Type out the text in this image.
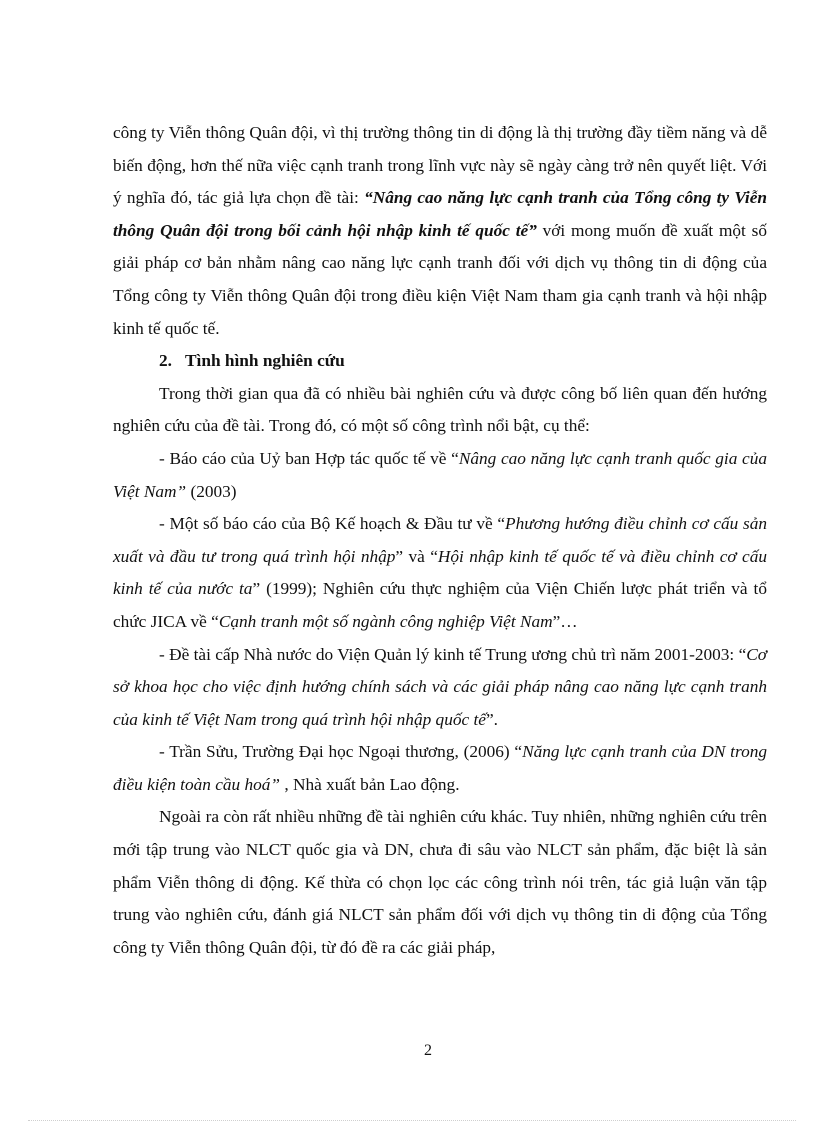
công ty Viễn thông Quân đội, vì thị trường thông tin di động là thị trường đầy tiềm năng và dễ biến động, hơn thế nữa việc cạnh tranh trong lĩnh vực này sẽ ngày càng trở nên quyết liệt. Với ý nghĩa đó, tác giả lựa chọn đề tài: “Nâng cao năng lực cạnh tranh của Tổng công ty Viễn thông Quân đội trong bối cảnh hội nhập kinh tế quốc tế” với mong muốn đề xuất một số giải pháp cơ bản nhằm nâng cao năng lực cạnh tranh đối với dịch vụ thông tin di động của Tổng công ty Viễn thông Quân đội trong điều kiện Việt Nam tham gia cạnh tranh và hội nhập kinh tế quốc tế.

2. Tình hình nghiên cứu

Trong thời gian qua đã có nhiều bài nghiên cứu và được công bố liên quan đến hướng nghiên cứu của đề tài. Trong đó, có một số công trình nổi bật, cụ thể:

- Báo cáo của Uỷ ban Hợp tác quốc tế về “Nâng cao năng lực cạnh tranh quốc gia của Việt Nam” (2003)

- Một số báo cáo của Bộ Kế hoạch & Đầu tư về “Phương hướng điều chỉnh cơ cấu sản xuất và đầu tư trong quá trình hội nhập” và “Hội nhập kinh tế quốc tế và điều chỉnh cơ cấu kinh tế của nước ta” (1999); Nghiên cứu thực nghiệm của Viện Chiến lược phát triển và tổ chức JICA về “Cạnh tranh một số ngành công nghiệp Việt Nam”…

- Đề tài cấp Nhà nước do Viện Quản lý kinh tế Trung ương chủ trì năm 2001-2003: “Cơ sở khoa học cho việc định hướng chính sách và các giải pháp nâng cao năng lực cạnh tranh của kinh tế Việt Nam trong quá trình hội nhập quốc tế”.

- Trần Sửu, Trường Đại học Ngoại thương, (2006) “Năng lực cạnh tranh của DN trong điều kiện toàn cầu hoá” , Nhà xuất bản Lao động.

Ngoài ra còn rất nhiều những đề tài nghiên cứu khác. Tuy nhiên, những nghiên cứu trên mới tập trung vào NLCT quốc gia và DN, chưa đi sâu vào NLCT sản phẩm, đặc biệt là sản phẩm Viễn thông di động. Kế thừa có chọn lọc các công trình nói trên, tác giả luận văn tập trung vào nghiên cứu, đánh giá NLCT sản phẩm đối với dịch vụ thông tin di động của Tổng công ty Viễn thông Quân đội, từ đó đề ra các giải pháp,

2
